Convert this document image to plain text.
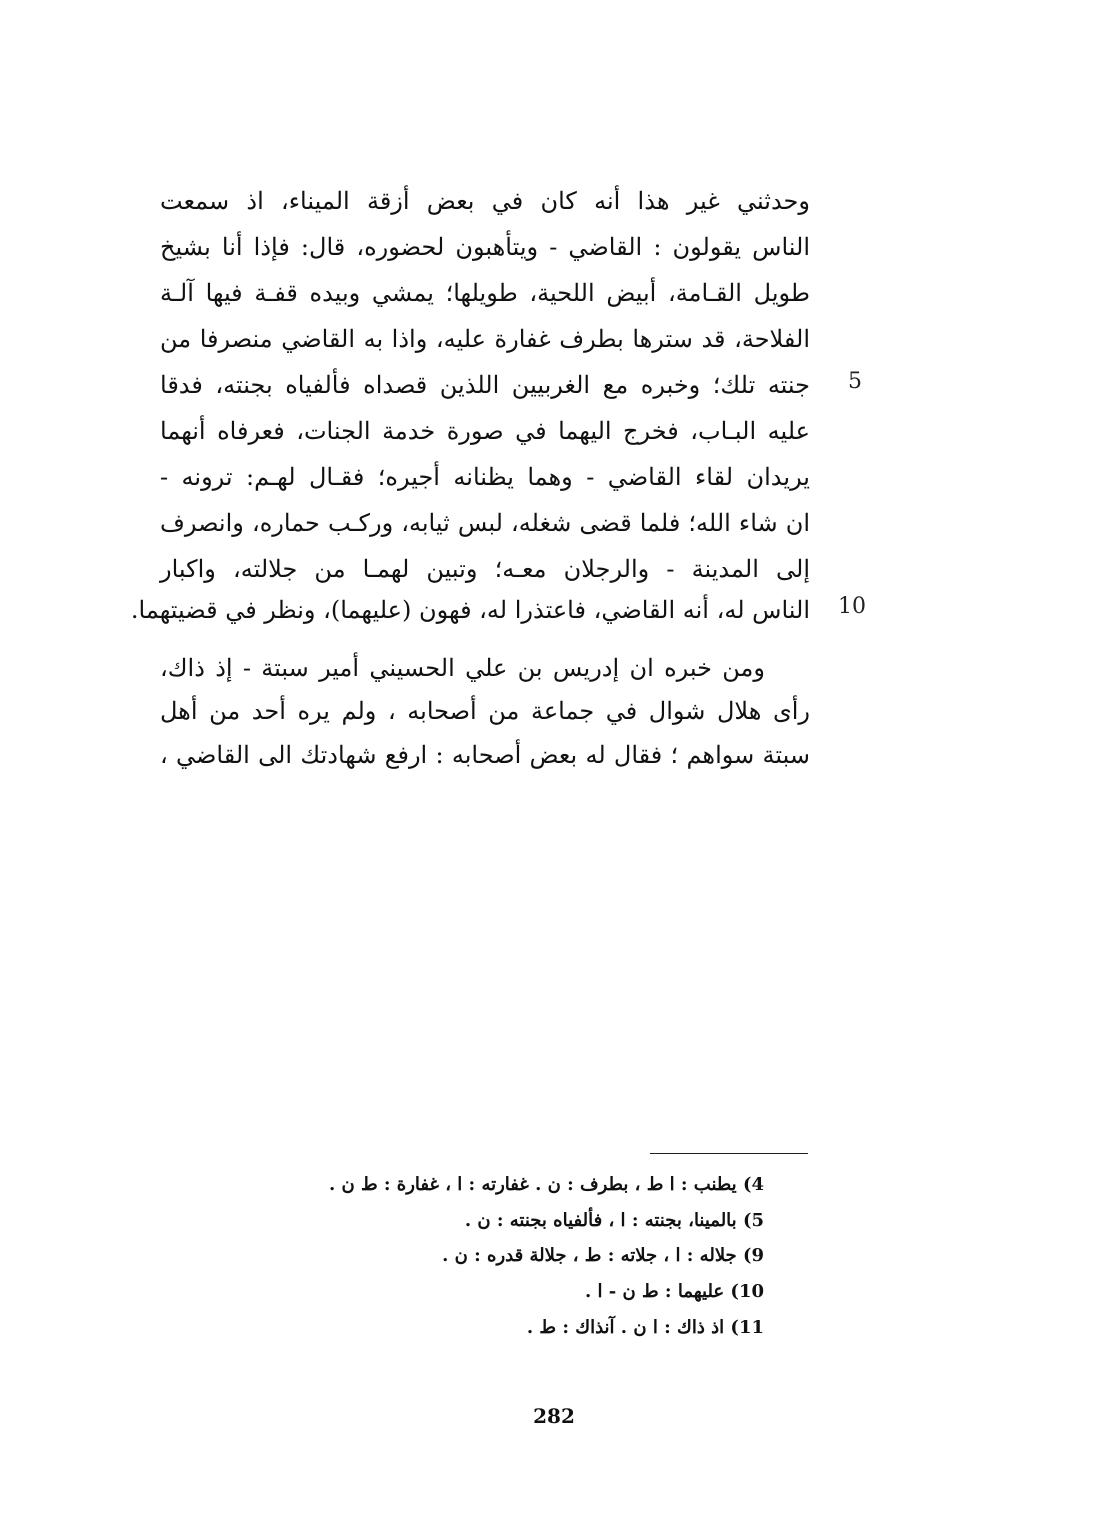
وحدثني غير هذا أنه كان في بعض أزقة الميناء، اذ سمعت
الناس يقولون : القاضي - ويتأهبون لحضوره، قال: فإذا أنا بشيخ
طويل القـامة، أبيض اللحية، طويلها؛ يمشي وبيده قفـة فيها آلـة
الفلاحة، قد سترها بطرف غفارة عليه، واذا به القاضي منصرفا من
جنته تلك؛ وخبره مع الغربيين اللذين قصداه فألفياه بجنته، فدقا
عليه البـاب، فخرج اليهما في صورة خدمة الجنات، فعرفاه أنهما
يريدان لقاء القاضي - وهما يظنانه أجيره؛ فقـال لهـم: ترونه -
ان شاء الله؛ فلما قضى شغله، لبس ثيابه، وركـب حماره، وانصرف
إلى المدينة - والرجلان معـه؛ وتبين لهمـا من جلالته، واكبار
الناس له، أنه القاضي، فاعتذرا له، فهون (عليهما)، ونظر في قضيتهما.
ومن خبره ان إدريس بن علي الحسيني أمير سبتة - إذ ذاك،
رأى هلال شوال في جماعة من أصحابه ، ولم يره أحد من أهل
سبتة سواهم ؛ فقال له بعض أصحابه : ارفع شهادتك الى القاضي ،
5
10
4) يطنب : ا ط ، بطرف : ن . غفارته : ا ، غفارة : ط ن .
5) بالمينا، بجنته : ا ، فألفياه بجنته : ن .
9) جلاله : ا ، جلاته : ط ، جلالة قدره : ن .
10) عليهما : ط ن - ا .
11) اذ ذاك : ا ن . آنذاك : ط .
282
